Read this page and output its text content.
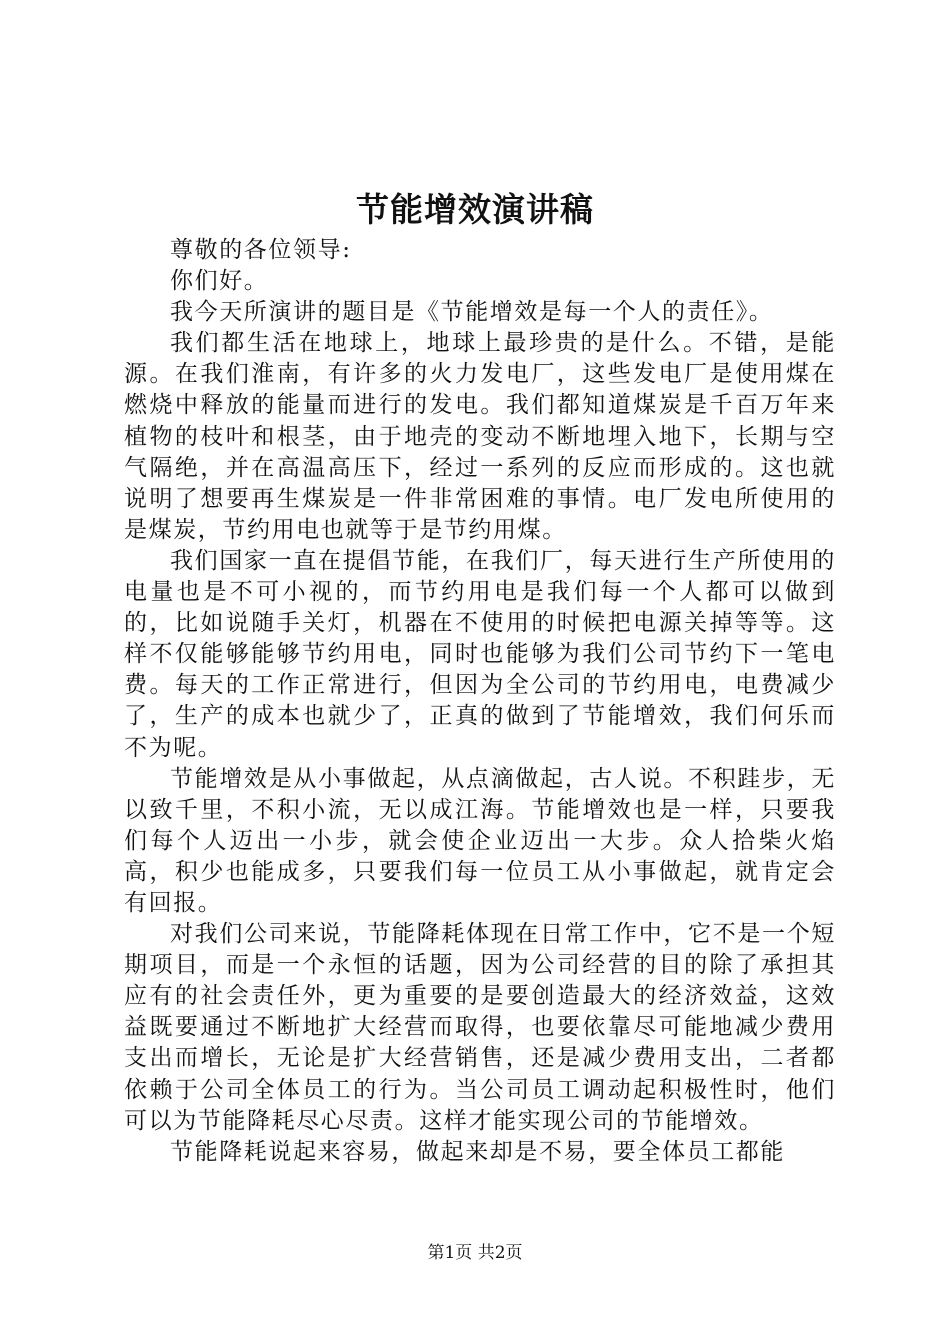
节能增效演讲稿

尊敬的各位领导:

你们好。

我今天所演讲的题目是《节能增效是每一个人的责任》。

我们都生活在地球上，地球上最珍贵的是什么。不错，是能源。在我们淮南，有许多的火力发电厂，这些发电厂是使用煤在燃烧中释放的能量而进行的发电。我们都知道煤炭是千百万年来植物的枝叶和根茎，由于地壳的变动不断地埋入地下，长期与空气隔绝，并在高温高压下，经过一系列的反应而形成的。这也就说明了想要再生煤炭是一件非常困难的事情。电厂发电所使用的是煤炭，节约用电也就等于是节约用煤。

我们国家一直在提倡节能，在我们厂，每天进行生产所使用的电量也是不可小视的，而节约用电是我们每一个人都可以做到的，比如说随手关灯，机器在不使用的时候把电源关掉等等。这样不仅能够能够节约用电，同时也能够为我们公司节约下一笔电费。每天的工作正常进行，但因为全公司的节约用电，电费减少了，生产的成本也就少了，正真的做到了节能增效，我们何乐而不为呢。

节能增效是从小事做起，从点滴做起，古人说。不积跬步，无以致千里，不积小流，无以成江海。节能增效也是一样，只要我们每个人迈出一小步，就会使企业迈出一大步。众人拾柴火焰高，积少也能成多，只要我们每一位员工从小事做起，就肯定会有回报。

对我们公司来说，节能降耗体现在日常工作中，它不是一个短期项目，而是一个永恒的话题，因为公司经营的目的除了承担其应有的社会责任外，更为重要的是要创造最大的经济效益，这效益既要通过不断地扩大经营而取得，也要依靠尽可能地减少费用支出而增长，无论是扩大经营销售，还是减少费用支出，二者都依赖于公司全体员工的行为。当公司员工调动起积极性时，他们可以为节能降耗尽心尽责。这样才能实现公司的节能增效。

节能降耗说起来容易，做起来却是不易，要全体员工都能

第1页 共2页
